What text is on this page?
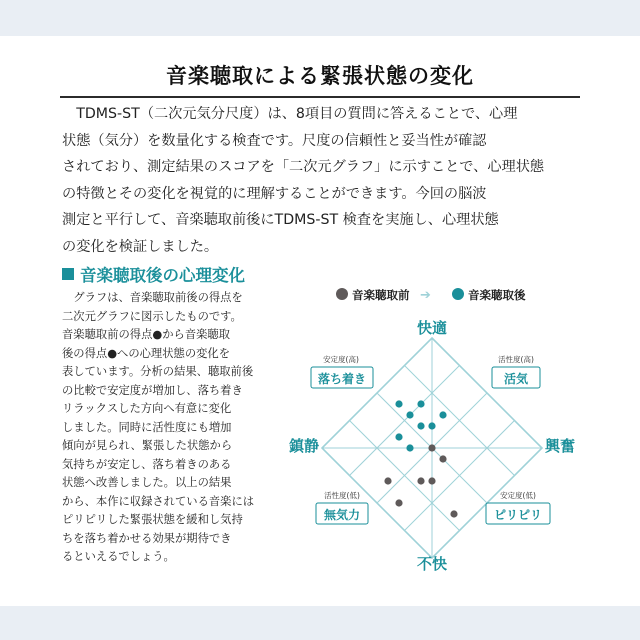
音楽聴取による緊張状態の変化
　TDMS-ST（二次元気分尺度）は、8項目の質問に答えることで、心理
状態（気分）を数量化する検査です。尺度の信頼性と妥当性が確認
されており、測定結果のスコアを「二次元グラフ」に示すことで、心理状態
の特徴とその変化を視覚的に理解することができます。今回の脳波
測定と平行して、音楽聴取前後にTDMS-ST 検査を実施し、心理状態
の変化を検証しました。
音楽聴取後の心理変化
　グラフは、音楽聴取前後の得点を
二次元グラフに図示したものです。
音楽聴取前の得点●から音楽聴取
後の得点●への心理状態の変化を
表しています。分析の結果、聴取前後
の比較で安定度が増加し、落ち着き
リラックスした方向へ有意に変化
しました。同時に活性度にも増加
傾向が見られ、緊張した状態から
気持ちが安定し、落ち着きのある
状態へ改善しました。以上の結果
から、本作に収録されている音楽には
ピリピリした緊張状態を緩和し気持
ちを落ち着かせる効果が期待でき
るといえるでしょう。
音楽聴取前 ➔	音楽聴取後
快適
不快
鎮静	興奮
安定度(高)
落ち着き
活性度(高)
活気
活性度(低)
無気力
安定度(低)
ピリピリ
